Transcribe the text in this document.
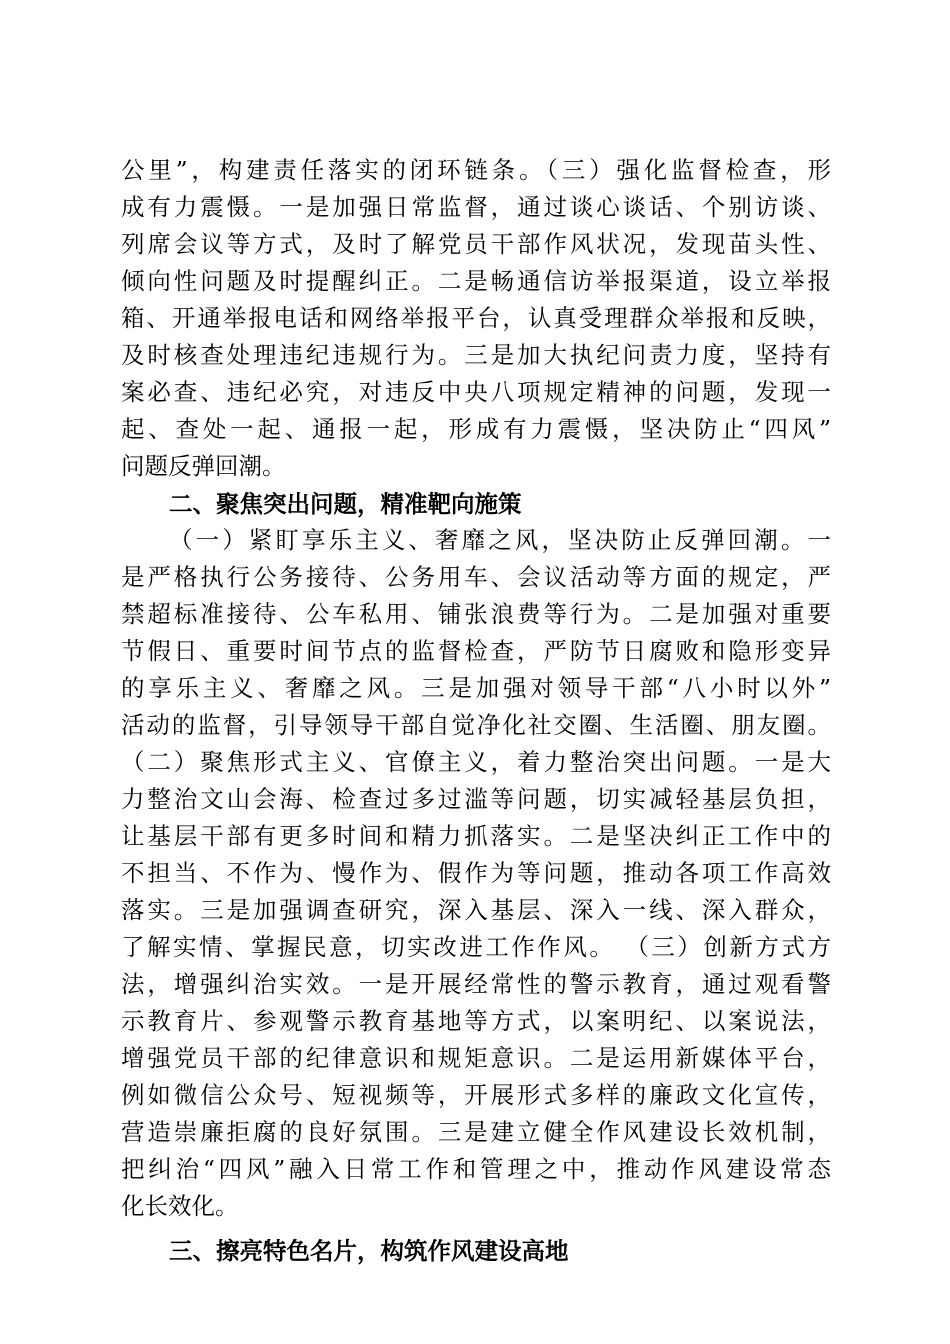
公里”，构建责任落实的闭环链条。（三）强化监督检查，形
成有力震慑。一是加强日常监督，通过谈心谈话、个别访谈、
列席会议等方式，及时了解党员干部作风状况，发现苗头性、
倾向性问题及时提醒纠正。二是畅通信访举报渠道，设立举报
箱、开通举报电话和网络举报平台，认真受理群众举报和反映，
及时核查处理违纪违规行为。三是加大执纪问责力度，坚持有
案必查、违纪必究，对违反中央八项规定精神的问题，发现一
起、查处一起、通报一起，形成有力震慑，坚决防止“四风”
问题反弹回潮。
二、聚焦突出问题，精准靶向施策
（一）紧盯享乐主义、奢靡之风，坚决防止反弹回潮。一
是严格执行公务接待、公务用车、会议活动等方面的规定，严
禁超标准接待、公车私用、铺张浪费等行为。二是加强对重要
节假日、重要时间节点的监督检查，严防节日腐败和隐形变异
的享乐主义、奢靡之风。三是加强对领导干部“八小时以外”
活动的监督，引导领导干部自觉净化社交圈、生活圈、朋友圈。
（二）聚焦形式主义、官僚主义，着力整治突出问题。一是大
力整治文山会海、检查过多过滥等问题，切实减轻基层负担，
让基层干部有更多时间和精力抓落实。二是坚决纠正工作中的
不担当、不作为、慢作为、假作为等问题，推动各项工作高效
落实。三是加强调查研究，深入基层、深入一线、深入群众，
了解实情、掌握民意，切实改进工作作风。 （三）创新方式方
法，增强纠治实效。一是开展经常性的警示教育，通过观看警
示教育片、参观警示教育基地等方式，以案明纪、以案说法，
增强党员干部的纪律意识和规矩意识。二是运用新媒体平台，
例如微信公众号、短视频等，开展形式多样的廉政文化宣传，
营造崇廉拒腐的良好氛围。三是建立健全作风建设长效机制，
把纠治“四风”融入日常工作和管理之中，推动作风建设常态
化长效化。
三、擦亮特色名片，构筑作风建设高地
